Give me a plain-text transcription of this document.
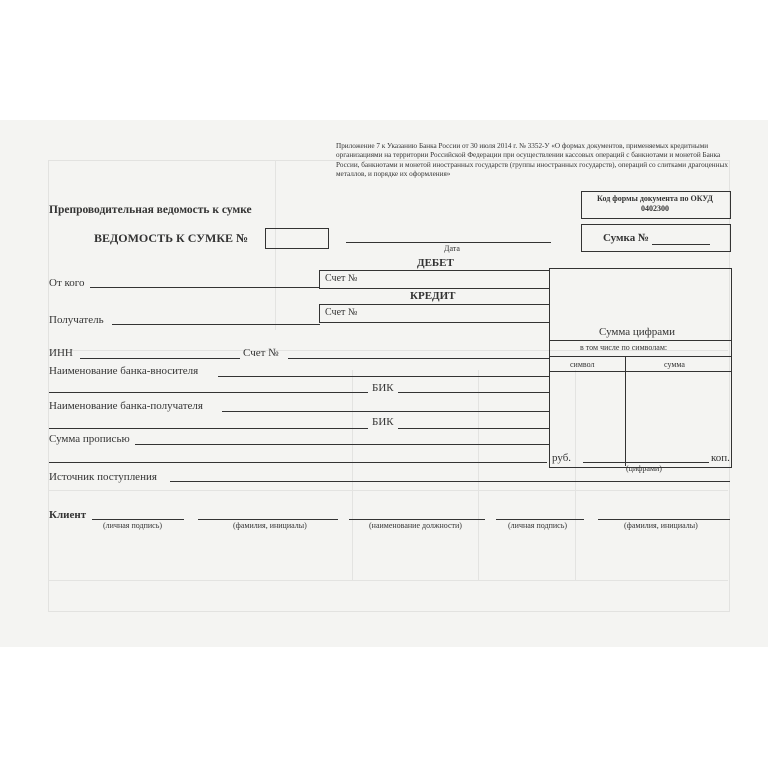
Приложение 7 к Указанию Банка России от 30 июля 2014 г. № 3352-У «О формах документов, применяемых кредитными организациями на территории Российской Федерации при осуществлении кассовых операций с банкнотами и монетой Банка России, банкнотами и монетой иностранных государств (группы иностранных государств), операций со слитками драгоценных металлов, и порядке их оформления»
Код формы документа по ОКУД 0402300
Препроводительная ведомость к сумке
ВЕДОМОСТЬ К СУМКЕ №
Дата
Сумка №
ДЕБЕТ
От кого	Счет №
КРЕДИТ
Получатель
Счет №
Сумма цифрами
в том числе по символам:
символ	сумма
ИНН	Счет №
Наименование банка-вносителя
БИК
Наименование банка-получателя
БИК
Сумма прописью
руб.	коп.
(цифрами)
Источник поступления
Клиент
(личная подпись)	(фамилия, инициалы)	(наименование должности)	(личная подпись)	(фамилия, инициалы)
